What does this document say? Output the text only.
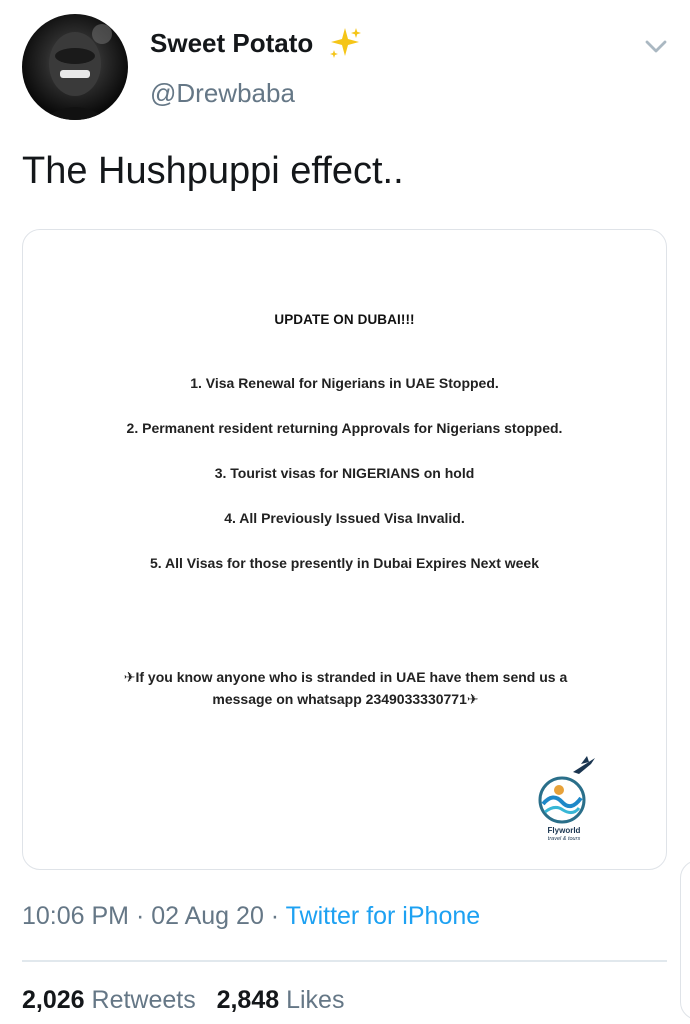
Sweet Potato
@Drewbaba
The Hushpuppi effect..
UPDATE ON DUBAI!!!
1. Visa Renewal for Nigerians in UAE Stopped.
2. Permanent resident returning Approvals for Nigerians stopped.
3. Tourist visas for NIGERIANS on hold
4. All Previously Issued Visa Invalid.
5. All Visas for those presently in Dubai Expires Next week
✈If you know anyone who is stranded in UAE have them send us a
message on whatsapp 2349033330771✈
Flyworld
travel & tours
10:06 PM · 02 Aug 20 · Twitter for iPhone
2,026 Retweets 2,848 Likes
